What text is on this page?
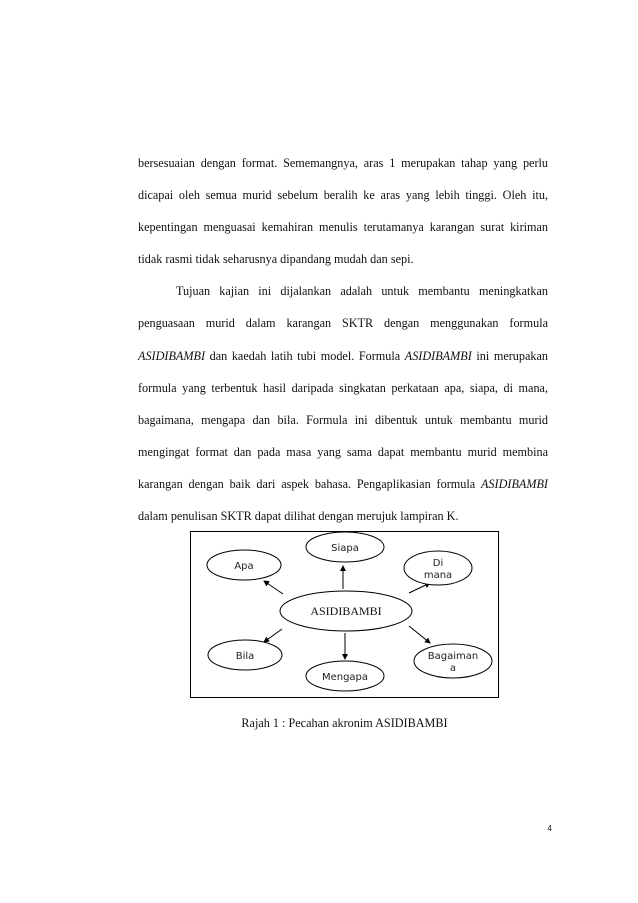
bersesuaian dengan format. Sememangnya, aras 1 merupakan tahap yang perlu dicapai oleh semua murid sebelum beralih ke aras yang lebih tinggi. Oleh itu, kepentingan menguasai kemahiran menulis terutamanya karangan surat kiriman tidak rasmi tidak seharusnya dipandang mudah dan sepi.

Tujuan kajian ini dijalankan adalah untuk membantu meningkatkan penguasaan murid dalam karangan SKTR dengan menggunakan formula ASIDIBAMBI dan kaedah latih tubi model. Formula ASIDIBAMBI ini merupakan formula yang terbentuk hasil daripada singkatan perkataan apa, siapa, di mana, bagaimana, mengapa dan bila. Formula ini dibentuk untuk membantu murid mengingat format dan pada masa yang sama dapat membantu murid membina karangan dengan baik dari aspek bahasa. Pengaplikasian formula ASIDIBAMBI dalam penulisan SKTR dapat dilihat dengan merujuk lampiran K.

ASIDIBAMBI
Siapa
Apa	Di
mana
Bila
Mengapa
Bagaiman
a
Rajah 1 : Pecahan akronim ASIDIBAMBI
4
